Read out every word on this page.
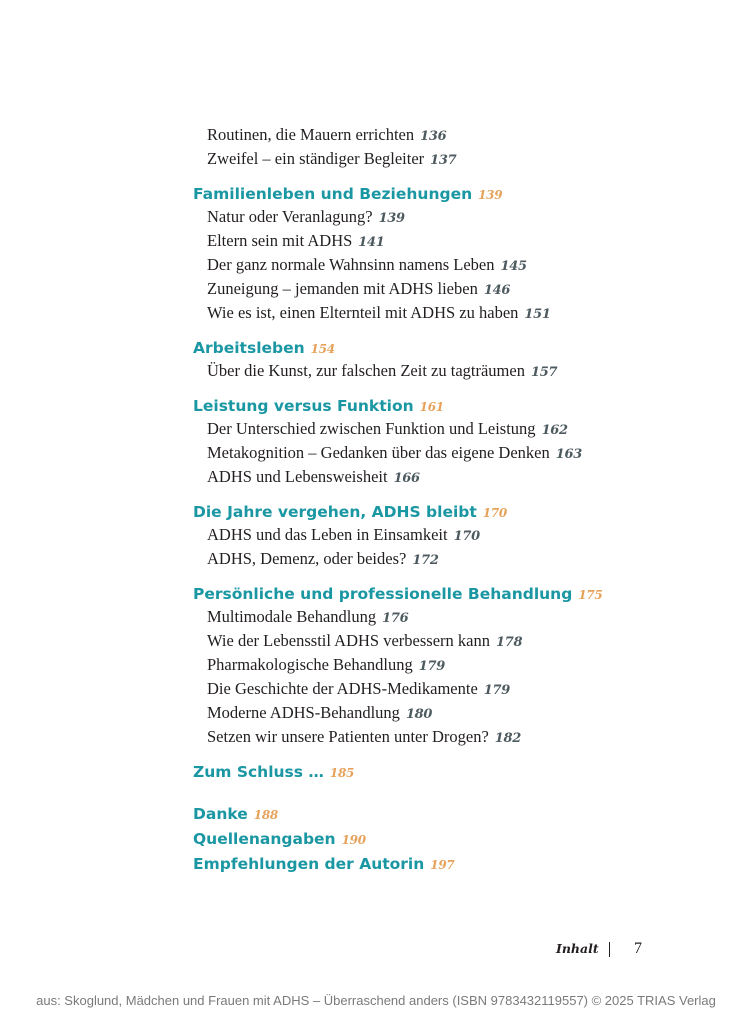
Routinen, die Mauern errichten 136
Zweifel – ein ständiger Begleiter 137
Familienleben und Beziehungen 139
Natur oder Veranlagung? 139
Eltern sein mit ADHS 141
Der ganz normale Wahnsinn namens Leben 145
Zuneigung – jemanden mit ADHS lieben 146
Wie es ist, einen Elternteil mit ADHS zu haben 151
Arbeitsleben 154
Über die Kunst, zur falschen Zeit zu tagträumen 157
Leistung versus Funktion 161
Der Unterschied zwischen Funktion und Leistung 162
Metakognition – Gedanken über das eigene Denken 163
ADHS und Lebensweisheit 166
Die Jahre vergehen, ADHS bleibt 170
ADHS und das Leben in Einsamkeit 170
ADHS, Demenz, oder beides? 172
Persönliche und professionelle Behandlung 175
Multimodale Behandlung 176
Wie der Lebensstil ADHS verbessern kann 178
Pharmakologische Behandlung 179
Die Geschichte der ADHS-Medikamente 179
Moderne ADHS-Behandlung 180
Setzen wir unsere Patienten unter Drogen? 182
Zum Schluss … 185
Danke 188
Quellenangaben 190
Empfehlungen der Autorin 197
Inhalt 7
aus: Skoglund, Mädchen und Frauen mit ADHS – Überraschend anders (ISBN 9783432119557) © 2025 TRIAS Verlag
